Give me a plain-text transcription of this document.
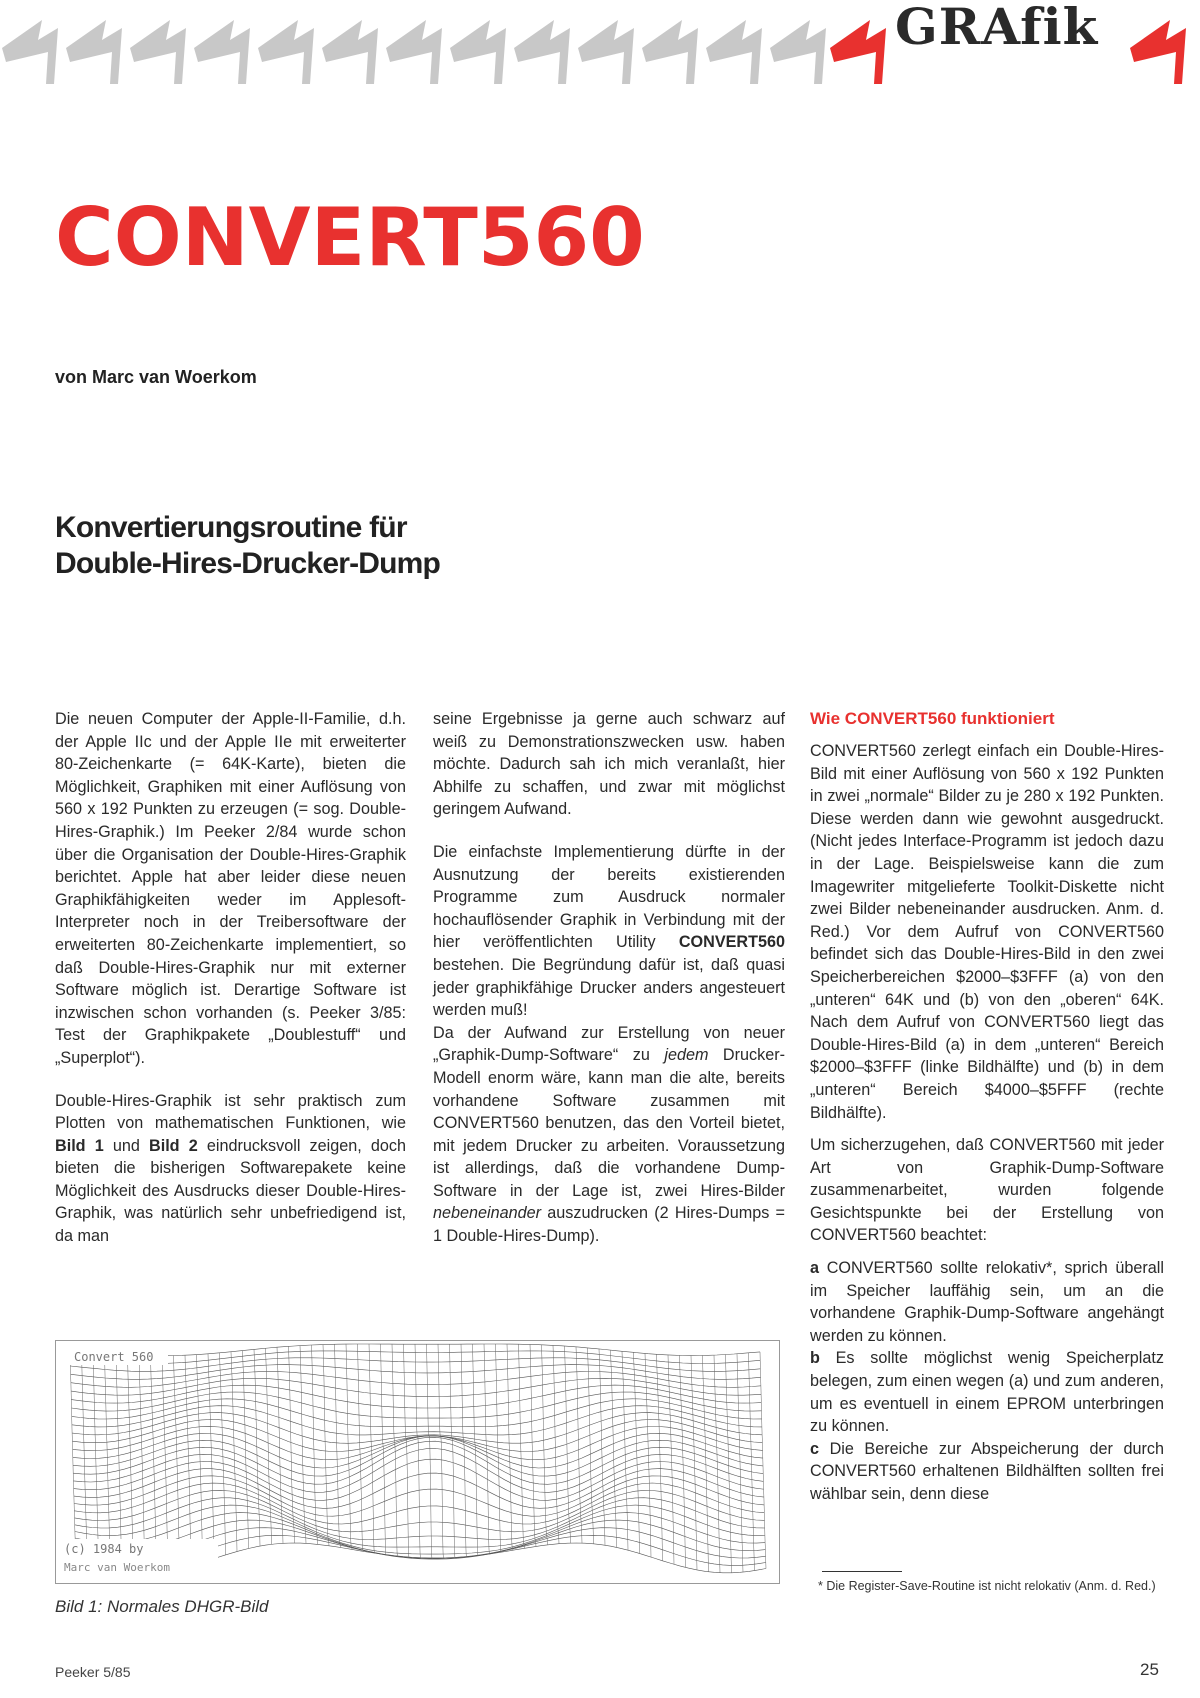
GRAfik
CONVERT560
von Marc van Woerkom
Konvertierungsroutine für
Double-Hires-Drucker-Dump

Die neuen Computer der Apple-II-Familie, d.h. der Apple IIc und der Apple IIe mit erweiterter 80-Zeichenkarte (= 64K-Karte), bieten die Möglichkeit, Graphiken mit einer Auflösung von 560 x 192 Punkten zu erzeugen (= sog. Double-Hires-Graphik.) Im Peeker 2/84 wurde schon über die Organisation der Double-Hires-Graphik berichtet. Apple hat aber leider diese neuen Graphikfähigkeiten weder im Applesoft-Interpreter noch in der Treibersoftware der erweiterten 80-Zeichenkarte implementiert, so daß Double-Hires-Graphik nur mit externer Software möglich ist. Derartige Software ist inzwischen schon vorhanden (s. Peeker 3/85: Test der Graphikpakete „Doublestuff“ und „Superplot“).

Double-Hires-Graphik ist sehr praktisch zum Plotten von mathematischen Funktionen, wie Bild 1 und Bild 2 eindrucksvoll zeigen, doch bieten die bisherigen Softwarepakete keine Möglichkeit des Ausdrucks dieser Double-Hires-Graphik, was natürlich sehr unbefriedigend ist, da man

seine Ergebnisse ja gerne auch schwarz auf weiß zu Demonstrationszwecken usw. haben möchte. Dadurch sah ich mich veranlaßt, hier Abhilfe zu schaffen, und zwar mit möglichst geringem Aufwand.

Die einfachste Implementierung dürfte in der Ausnutzung der bereits existierenden Programme zum Ausdruck normaler hochauflösender Graphik in Verbindung mit der hier veröffentlichten Utility CONVERT560 bestehen. Die Begründung dafür ist, daß quasi jeder graphikfähige Drucker anders angesteuert werden muß!

Da der Aufwand zur Erstellung von neuer „Graphik-Dump-Software“ zu jedem Drucker-Modell enorm wäre, kann man die alte, bereits vorhandene Software zusammen mit CONVERT560 benutzen, das den Vorteil bietet, mit jedem Drucker zu arbeiten. Voraussetzung ist allerdings, daß die vorhandene Dump-Software in der Lage ist, zwei Hires-Bilder nebeneinander auszudrucken (2 Hires-Dumps = 1 Double-Hires-Dump).

Wie CONVERT560 funktioniert

CONVERT560 zerlegt einfach ein Double-Hires-Bild mit einer Auflösung von 560 x 192 Punkten in zwei „normale“ Bilder zu je 280 x 192 Punkten. Diese werden dann wie gewohnt ausgedruckt. (Nicht jedes Interface-Programm ist jedoch dazu in der Lage. Beispielsweise kann die zum Imagewriter mitgelieferte Toolkit-Diskette nicht zwei Bilder nebeneinander ausdrucken. Anm. d. Red.) Vor dem Aufruf von CONVERT560 befindet sich das Double-Hires-Bild in den zwei Speicherbereichen $2000–$3FFF (a) von den „unteren“ 64K und (b) von den „oberen“ 64K. Nach dem Aufruf von CONVERT560 liegt das Double-Hires-Bild (a) in dem „unteren“ Bereich $2000–$3FFF (linke Bildhälfte) und (b) in dem „unteren“ Bereich $4000–$5FFF (rechte Bildhälfte).

Um sicherzugehen, daß CONVERT560 mit jeder Art von Graphik-Dump-Software zusammenarbeitet, wurden folgende Gesichtspunkte bei der Erstellung von CONVERT560 beachtet:

a CONVERT560 sollte relokativ*, sprich überall im Speicher lauffähig sein, um an die vorhandene Graphik-Dump-Software angehängt werden zu können.

b Es sollte möglichst wenig Speicherplatz belegen, zum einen wegen (a) und zum anderen, um es eventuell in einem EPROM unterbringen zu können.

c Die Bereiche zur Abspeicherung der durch CONVERT560 erhaltenen Bildhälften sollten frei wählbar sein, denn diese

Convert 560
(c) 1984 by
Marc van Woerkom
Bild 1: Normales DHGR-Bild
* Die Register-Save-Routine ist nicht relokativ (Anm. d. Red.)
Peeker 5/85	25
